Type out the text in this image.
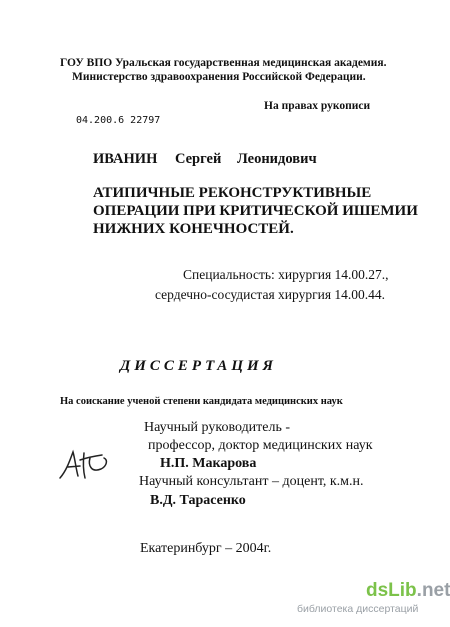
ГОУ ВПО Уральская государственная медицинская академия.
Министерство здравоохранения Российской Федерации.
На правах рукописи
04.200.6 22797
ИВАНИН Сергей Леонидович
АТИПИЧНЫЕ РЕКОНСТРУКТИВНЫЕ
ОПЕРАЦИИ ПРИ КРИТИЧЕСКОЙ ИШЕМИИ
НИЖНИХ КОНЕЧНОСТЕЙ.
Специальность: хирургия 14.00.27.,
сердечно-сосудистая хирургия 14.00.44.
ДИССЕРТАЦИЯ
На соискание ученой степени кандидата медицинских наук
Научный руководитель -
профессор, доктор медицинских наук
Н.П. Макарова
Научный консультант – доцент, к.м.н.
В.Д. Тарасенко
Екатеринбург – 2004г.
dsLib.net
библиотека диссертаций
